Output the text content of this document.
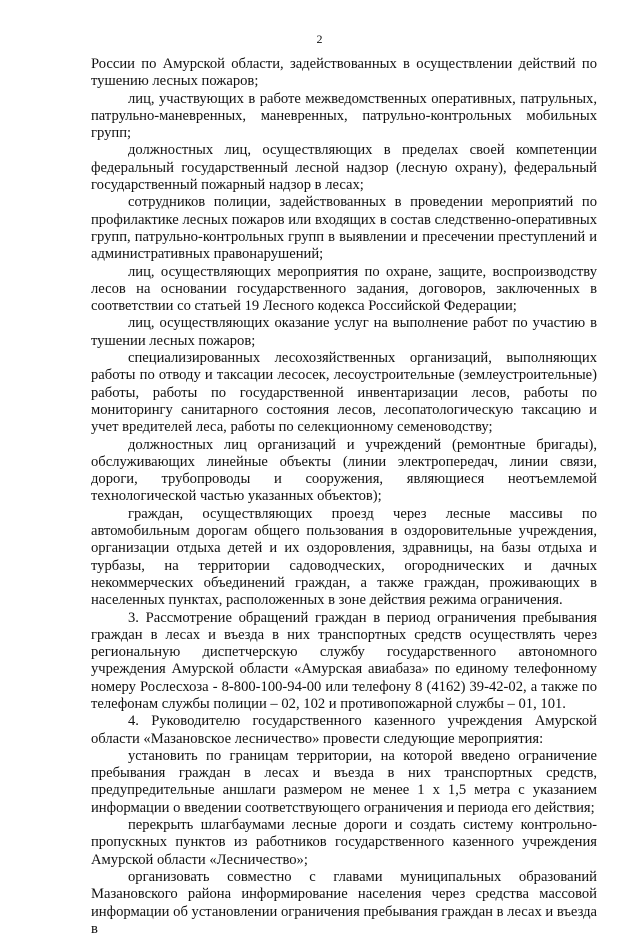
2

России по Амурской области, задействованных в осуществлении действий по тушению лесных пожаров;

лиц, участвующих в работе межведомственных оперативных, патрульных, патрульно-маневренных, маневренных, патрульно-контрольных мобильных групп;

должностных лиц, осуществляющих в пределах своей компетенции федеральный государственный лесной надзор (лесную охрану), федеральный государственный пожарный надзор в лесах;

сотрудников полиции, задействованных в проведении мероприятий по профилактике лесных пожаров или входящих в состав следственно-оперативных групп, патрульно-контрольных групп в выявлении и пресечении преступлений и административных правонарушений;

лиц, осуществляющих мероприятия по охране, защите, воспроизводству лесов на основании государственного задания, договоров, заключенных в соответствии со статьей 19 Лесного кодекса Российской Федерации;

лиц, осуществляющих оказание услуг на выполнение работ по участию в тушении лесных пожаров;

специализированных лесохозяйственных организаций, выполняющих работы по отводу и таксации лесосек, лесоустроительные (землеустроительные) работы, работы по государственной инвентаризации лесов, работы по мониторингу санитарного состояния лесов, лесопатологическую таксацию и учет вредителей леса, работы по селекционному семеноводству;

должностных лиц организаций и учреждений (ремонтные бригады), обслуживающих линейные объекты (линии электропередач, линии связи, дороги, трубопроводы и сооружения, являющиеся неотъемлемой технологической частью указанных объектов);

граждан, осуществляющих проезд через лесные массивы по автомобильным дорогам общего пользования в оздоровительные учреждения, организации отдыха детей и их оздоровления, здравницы, на базы отдыха и турбазы, на территории садоводческих, огороднических и дачных некоммерческих объединений граждан, а также граждан, проживающих в населенных пунктах, расположенных в зоне действия режима ограничения.

3. Рассмотрение обращений граждан в период ограничения пребывания граждан в лесах и въезда в них транспортных средств осуществлять через региональную диспетчерскую службу государственного автономного учреждения Амурской области «Амурская авиабаза» по единому телефонному номеру Рослесхоза - 8-800-100-94-00 или телефону 8 (4162) 39-42-02, а также по телефонам службы полиции – 02, 102 и противопожарной службы – 01, 101.

4. Руководителю государственного казенного учреждения Амурской области «Мазановское лесничество» провести следующие мероприятия:

установить по границам территории, на которой введено ограничение пребывания граждан в лесах и въезда в них транспортных средств, предупредительные аншлаги размером не менее 1 х 1,5 метра с указанием информации о введении соответствующего ограничения и периода его действия;

перекрыть шлагбаумами лесные дороги и создать систему контрольно-пропускных пунктов из работников государственного казенного учреждения Амурской области «Лесничество»;

организовать совместно с главами муниципальных образований Мазановского района информирование населения через средства массовой информации об установлении ограничения пребывания граждан в лесах и въезда в
